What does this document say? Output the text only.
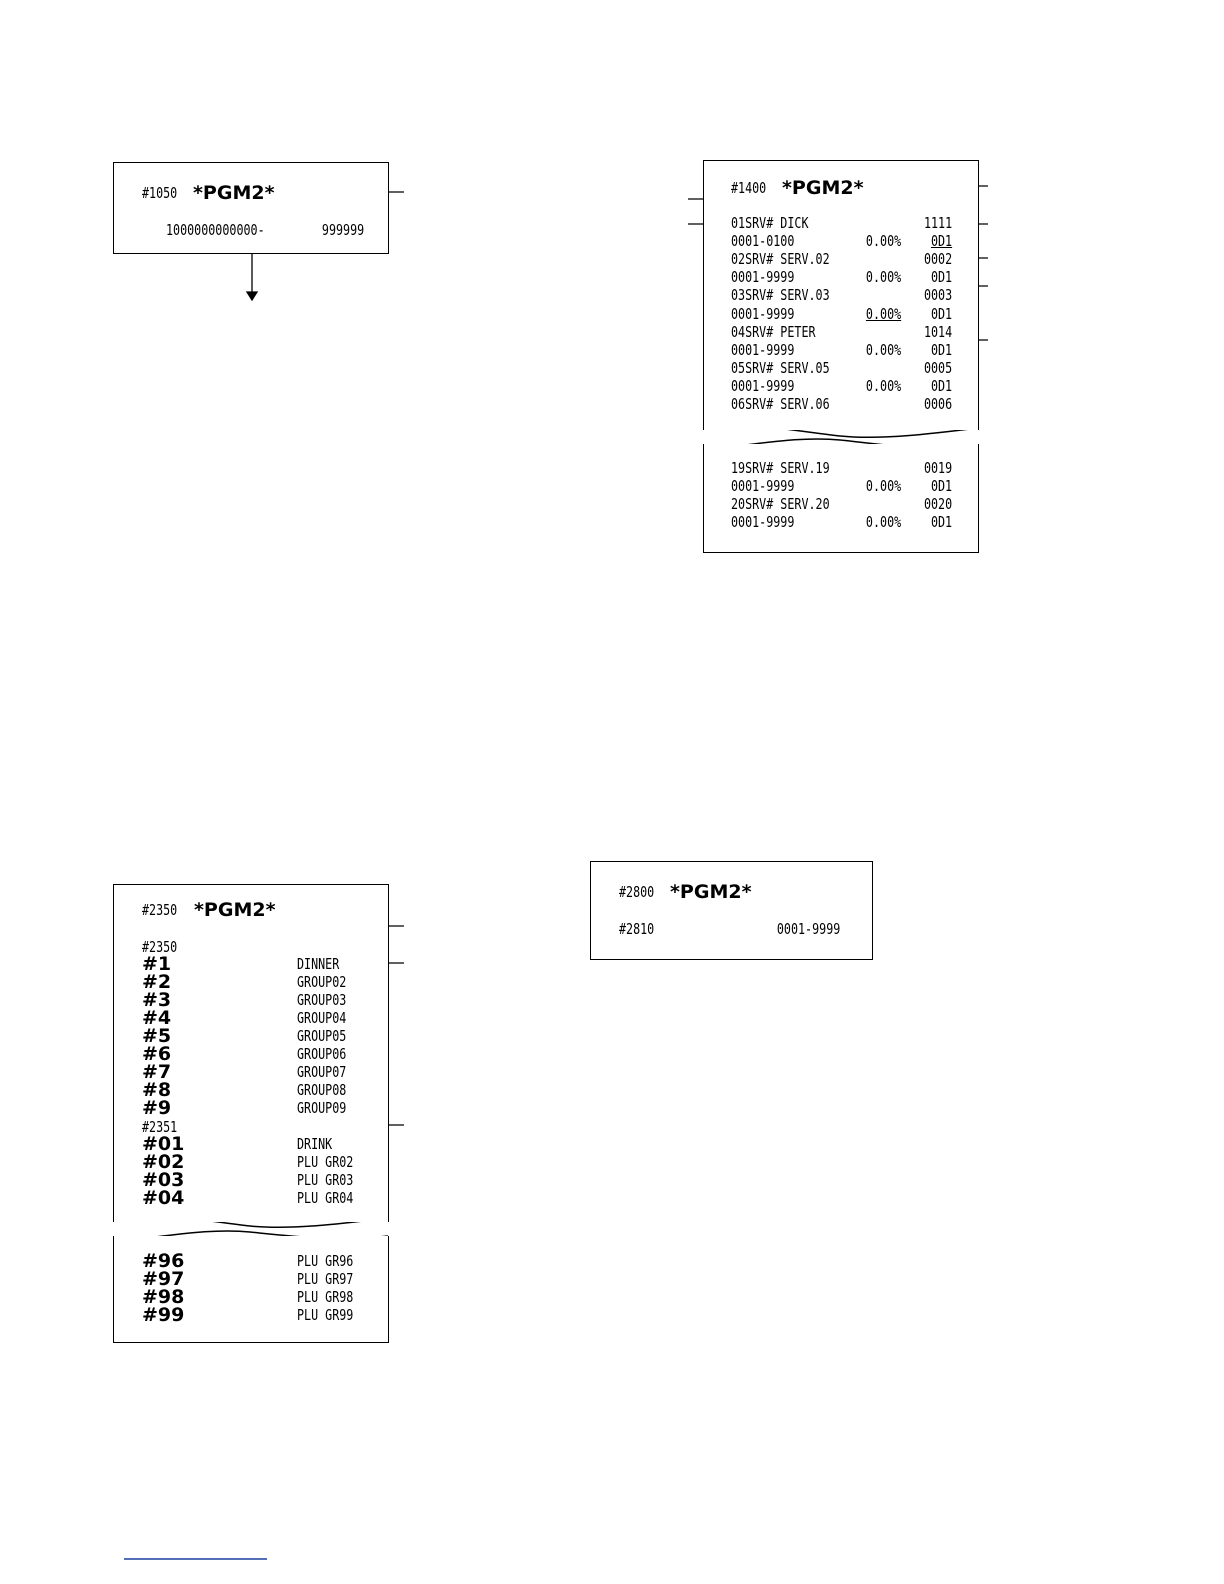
#1050 *PGM2*
1000000000000-	999999
#1400 *PGM2*
01SRV# DICK	1111
0001-0100	0.00% 0D1
02SRV# SERV.02	0002
0001-9999	0.00% 0D1
03SRV# SERV.03	0003
0001-9999	0.00% 0D1
04SRV# PETER	1014
0001-9999	0.00% 0D1
05SRV# SERV.05	0005
0001-9999	0.00% 0D1
06SRV# SERV.06	0006
19SRV# SERV.19	0019
0001-9999	0.00% 0D1
20SRV# SERV.20	0020
0001-9999	0.00% 0D1
#2350 *PGM2*
#2350
#1	DINNER
#2	GROUP02
#3	GROUP03
#4	GROUP04
#5	GROUP05
#6	GROUP06
#7	GROUP07
#8	GROUP08
#9	GROUP09
#2351
#01	DRINK
#02	PLU GR02
#03	PLU GR03
#04	PLU GR04
#96	PLU GR96
#97	PLU GR97
#98	PLU GR98
#99	PLU GR99
#2800 *PGM2*
#2810	0001-9999
